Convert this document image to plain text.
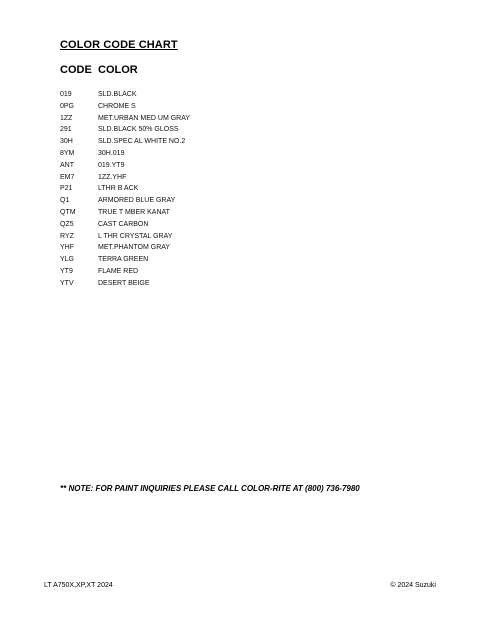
COLOR CODE CHART
CODE COLOR
019	SLD.BLACK
0PG	CHROME S
1ZZ	MET.URBAN MED UM GRAY
291	SLD.BLACK 50% GLOSS
30H	SLD.SPEC AL WHITE NO.2
8YM	30H.019
ANT	019.YT9
EM7	1ZZ.YHF
P21	LTHR B ACK
Q1	ARMORED BLUE GRAY
QTM	TRUE T MBER KANAT
QZ5	CAST CARBON
RYZ	L THR CRYSTAL GRAY
YHF	MET.PHANTOM GRAY
YLG	TERRA GREEN
YT9	FLAME RED
YTV	DESERT BEIGE
** NOTE: FOR PAINT INQUIRIES PLEASE CALL COLOR-RITE AT (800) 736-7980
LT A750X,XP,XT 2024	© 2024 Suzuki
